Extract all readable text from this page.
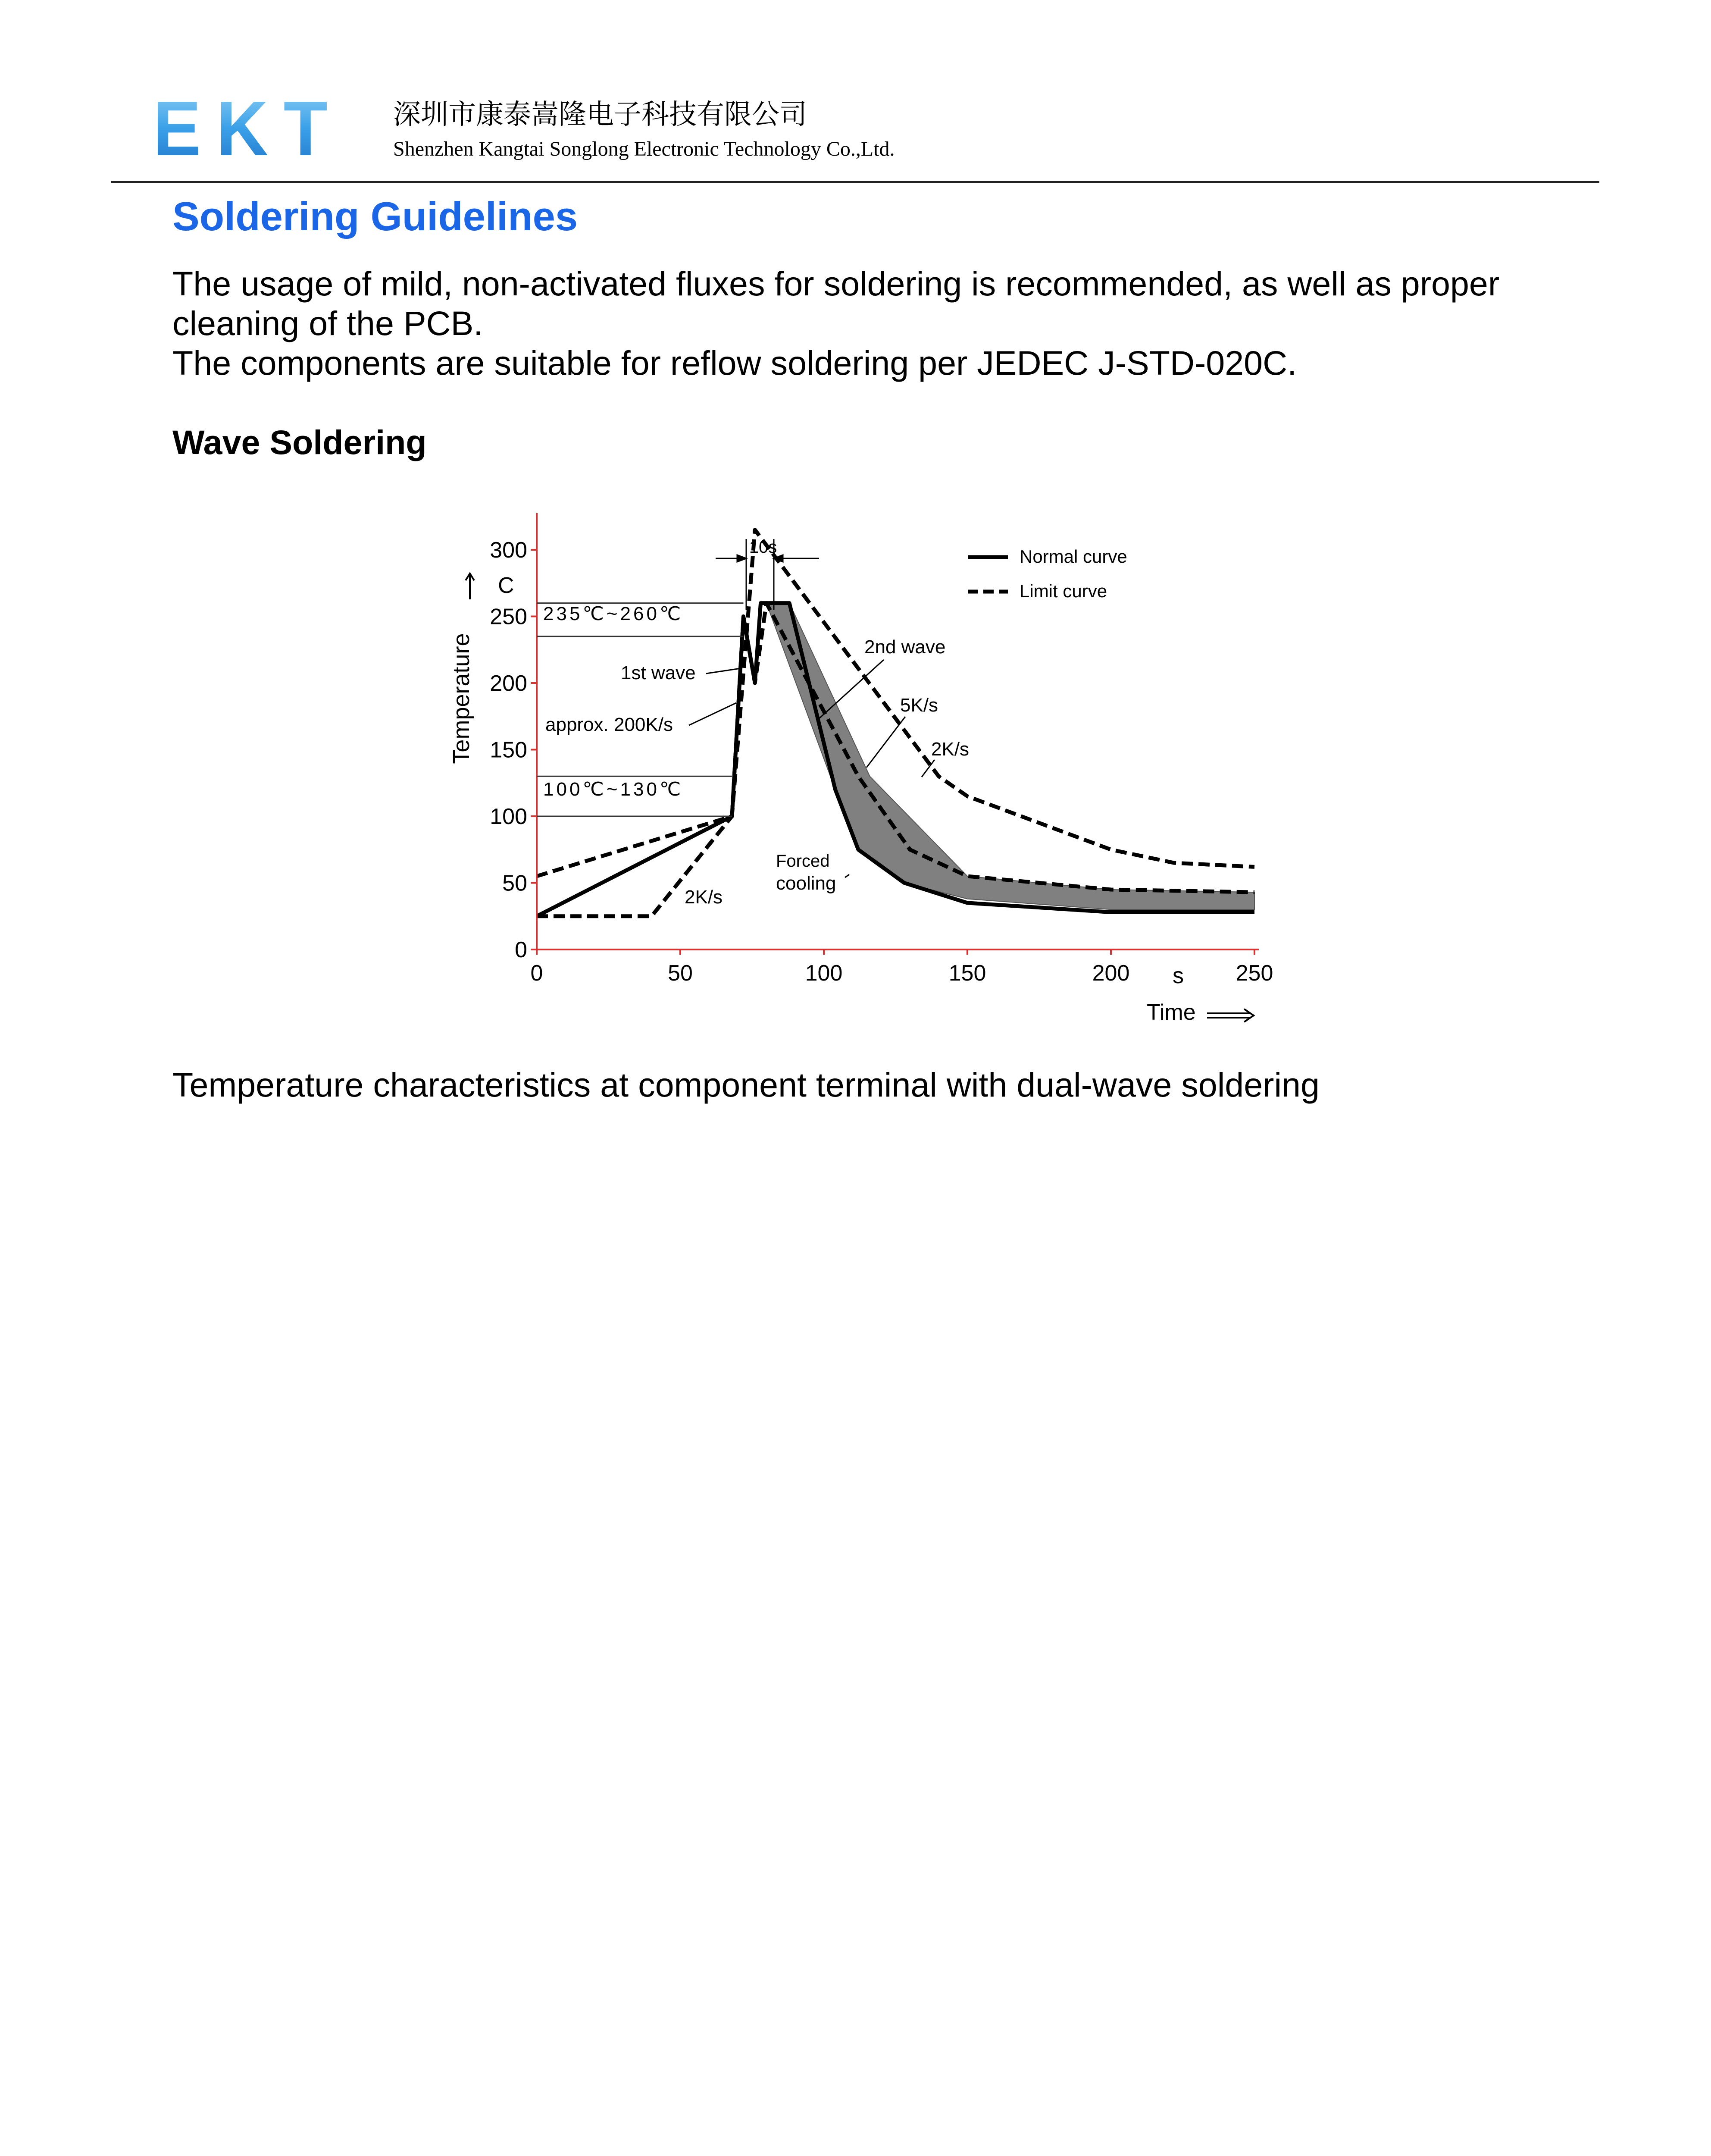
EKT 深圳市康泰嵩隆电子科技有限公司
Shenzhen Kangtai Songlong Electronic Technology Co.,Ltd.
Soldering Guidelines
The usage of mild, non-activated fluxes for soldering is recommended, as well as proper cleaning of the PCB.
The components are suitable for reflow soldering per JEDEC J-STD-020C.
Wave Soldering
0
50
100
150
200
250
300
0	50	100	150	200	250
10s
235℃~260℃
100℃~130℃
1st wave
2nd wave
approx. 200K/s
5K/s
2K/s
2K/s
Forced
cooling
Normal curve
Limit curve
Temperature
C
Time
s
Temperature characteristics at component terminal with dual-wave soldering
